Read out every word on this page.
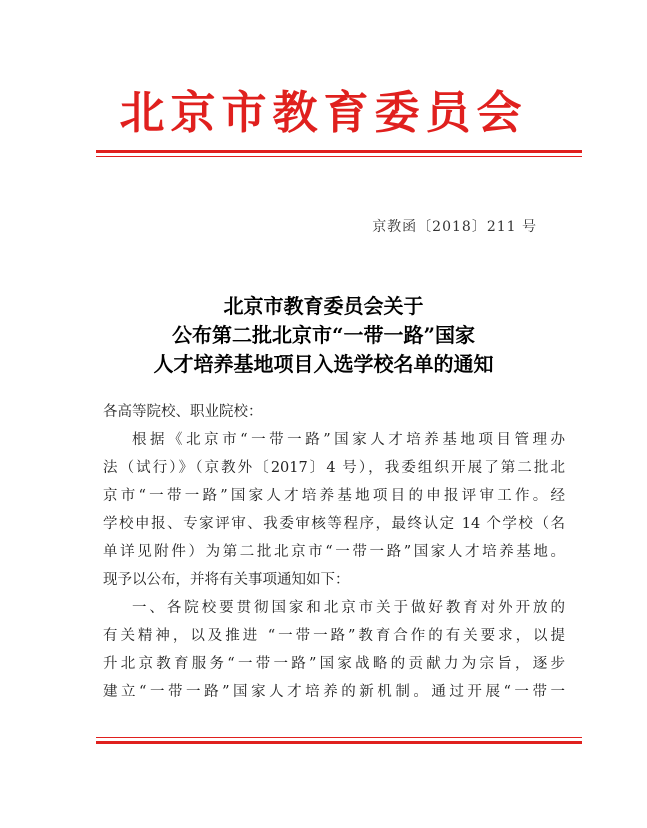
北京市教育委员会
京教函〔2018〕211 号
北京市教育委员会关于
公布第二批北京市“一带一路”国家
人才培养基地项目入选学校名单的通知
各高等院校、职业院校：
根据《北京市“一带一路”国家人才培养基地项目管理办
法（试行）》（京教外〔2017〕4 号），我委组织开展了第二批北
京市“一带一路”国家人才培养基地项目的申报评审工作。经
学校申报、专家评审、我委审核等程序，最终认定 14 个学校（名
单详见附件）为第二批北京市“一带一路”国家人才培养基地。
现予以公布，并将有关事项通知如下：
一、各院校要贯彻国家和北京市关于做好教育对外开放的
有关精神，以及推进 “一带一路”教育合作的有关要求，以提
升北京教育服务“一带一路”国家战略的贡献力为宗旨，逐步
建立“一带一路”国家人才培养的新机制。通过开展“一带一
